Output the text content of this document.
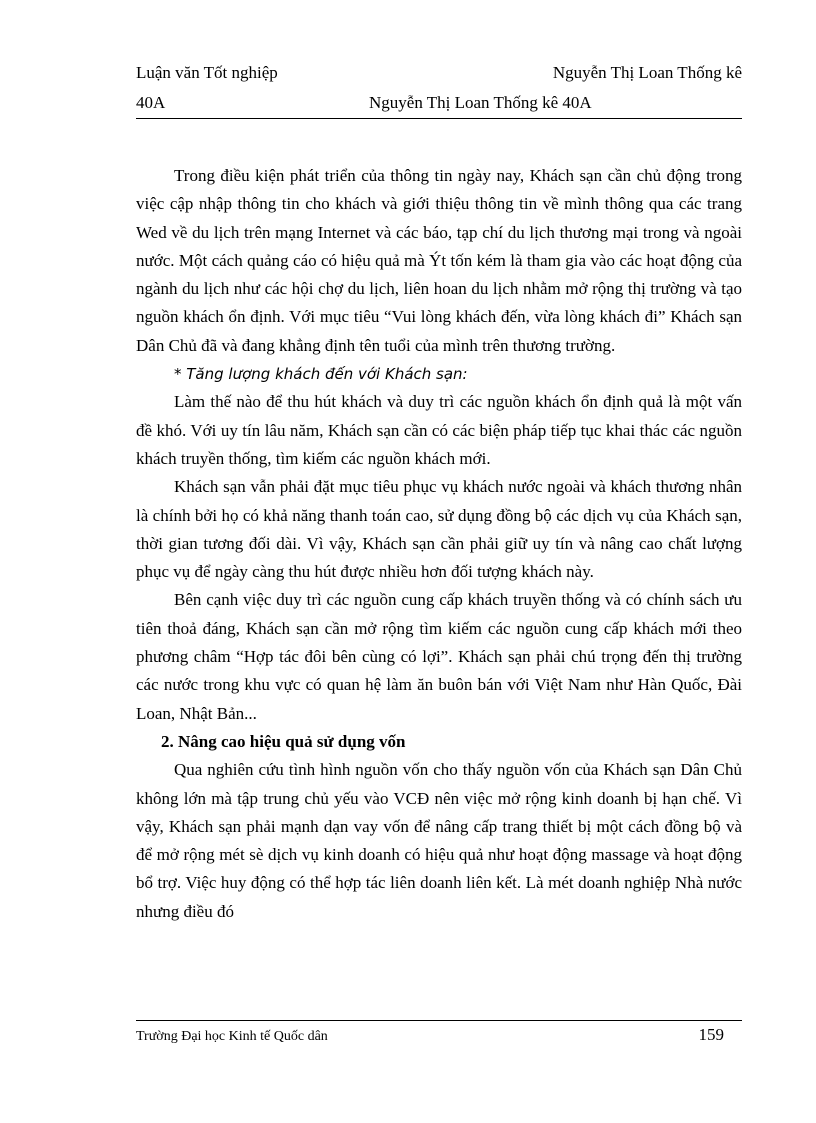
Luận văn Tốt nghiệp	Nguyễn Thị Loan Thống kê
40A	Nguyễn Thị Loan Thống kê 40A

Trong điều kiện phát triển của thông tin ngày nay, Khách sạn cần chủ động trong việc cập nhập thông tin cho khách và giới thiệu thông tin về mình thông qua các trang Wed về du lịch trên mạng Internet và các báo, tạp chí du lịch thương mại trong và ngoài nước. Một cách quảng cáo có hiệu quả mà Ýt tốn kém là tham gia vào các hoạt động của ngành du lịch như các hội chợ du lịch, liên hoan du lịch nhằm mở rộng thị trường và tạo nguồn khách ổn định. Với mục tiêu “Vui lòng khách đến, vừa lòng khách đi” Khách sạn Dân Chủ đã và đang khẳng định tên tuổi của mình trên thương trường.

* Tăng lượng khách đến với Khách sạn:

Làm thế nào để thu hút khách và duy trì các nguồn khách ổn định quả là một vấn đề khó. Với uy tín lâu năm, Khách sạn cần có các biện pháp tiếp tục khai thác các nguồn khách truyền thống, tìm kiếm các nguồn khách mới.

Khách sạn vẫn phải đặt mục tiêu phục vụ khách nước ngoài và khách thương nhân là chính bởi họ có khả năng thanh toán cao, sử dụng đồng bộ các dịch vụ của Khách sạn, thời gian tương đối dài. Vì vậy, Khách sạn cần phải giữ uy tín và nâng cao chất lượng phục vụ để ngày càng thu hút được nhiều hơn đối tượng khách này.

Bên cạnh việc duy trì các nguồn cung cấp khách truyền thống và có chính sách ưu tiên thoả đáng, Khách sạn cần mở rộng tìm kiếm các nguồn cung cấp khách mới theo phương châm “Hợp tác đôi bên cùng có lợi”. Khách sạn phải chú trọng đến thị trường các nước trong khu vực có quan hệ làm ăn buôn bán với Việt Nam như Hàn Quốc, Đài Loan, Nhật Bản...

2. Nâng cao hiệu quả sử dụng vốn

Qua nghiên cứu tình hình nguồn vốn cho thấy nguồn vốn của Khách sạn Dân Chủ không lớn mà tập trung chủ yếu vào VCĐ nên việc mở rộng kinh doanh bị hạn chế. Vì vậy, Khách sạn phải mạnh dạn vay vốn để nâng cấp trang thiết bị một cách đồng bộ và để mở rộng mét sè dịch vụ kinh doanh có hiệu quả như hoạt động massage và hoạt động bổ trợ. Việc huy động có thể hợp tác liên doanh liên kết. Là mét doanh nghiệp Nhà nước nhưng điều đó

Trường Đại học Kinh tế Quốc dân	159
